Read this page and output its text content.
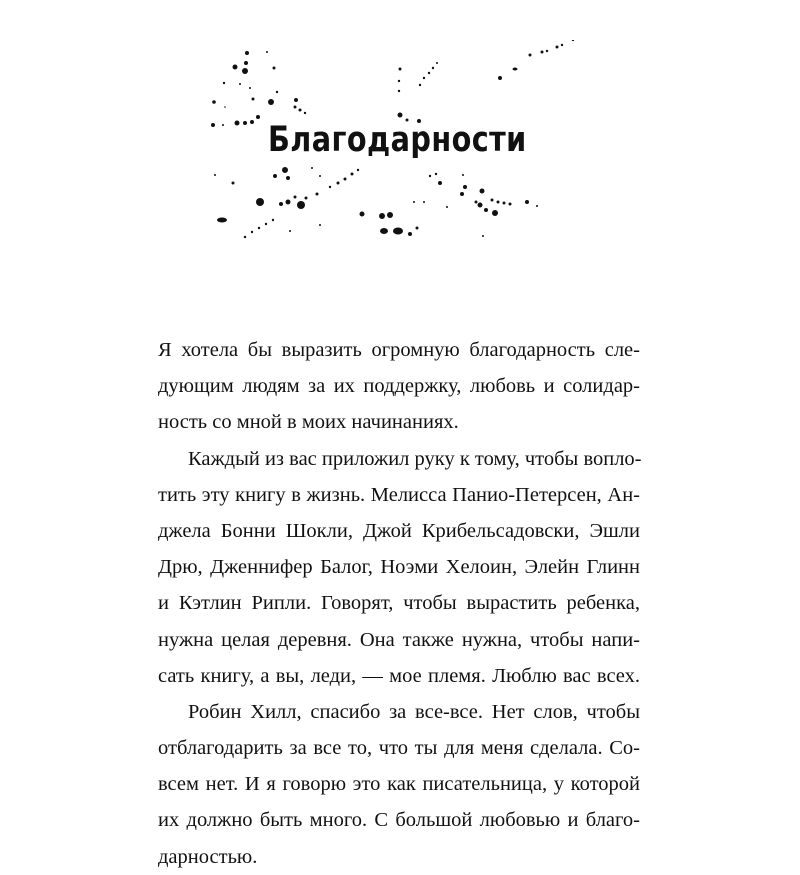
Благодарности
Я хотела бы выразить огромную благодарность сле-
дующим людям за их поддержку, любовь и солидар-
ность со мной в моих начинаниях.
Каждый из вас приложил руку к тому, чтобы вопло-
тить эту книгу в жизнь. Мелисса Панио-Петерсен, Ан-
джела Бонни Шокли, Джой Крибельсадовски, Эшли
Дрю, Дженнифер Балог, Ноэми Хелоин, Элейн Глинн
и Кэтлин Рипли. Говорят, чтобы вырастить ребенка,
нужна целая деревня. Она также нужна, чтобы напи-
сать книгу, а вы, леди, — мое племя. Люблю вас всех.
Робин Хилл, спасибо за все-все. Нет слов, чтобы
отблагодарить за все то, что ты для меня сделала. Со-
всем нет. И я говорю это как писательница, у которой
их должно быть много. С большой любовью и благо-
дарностью.
